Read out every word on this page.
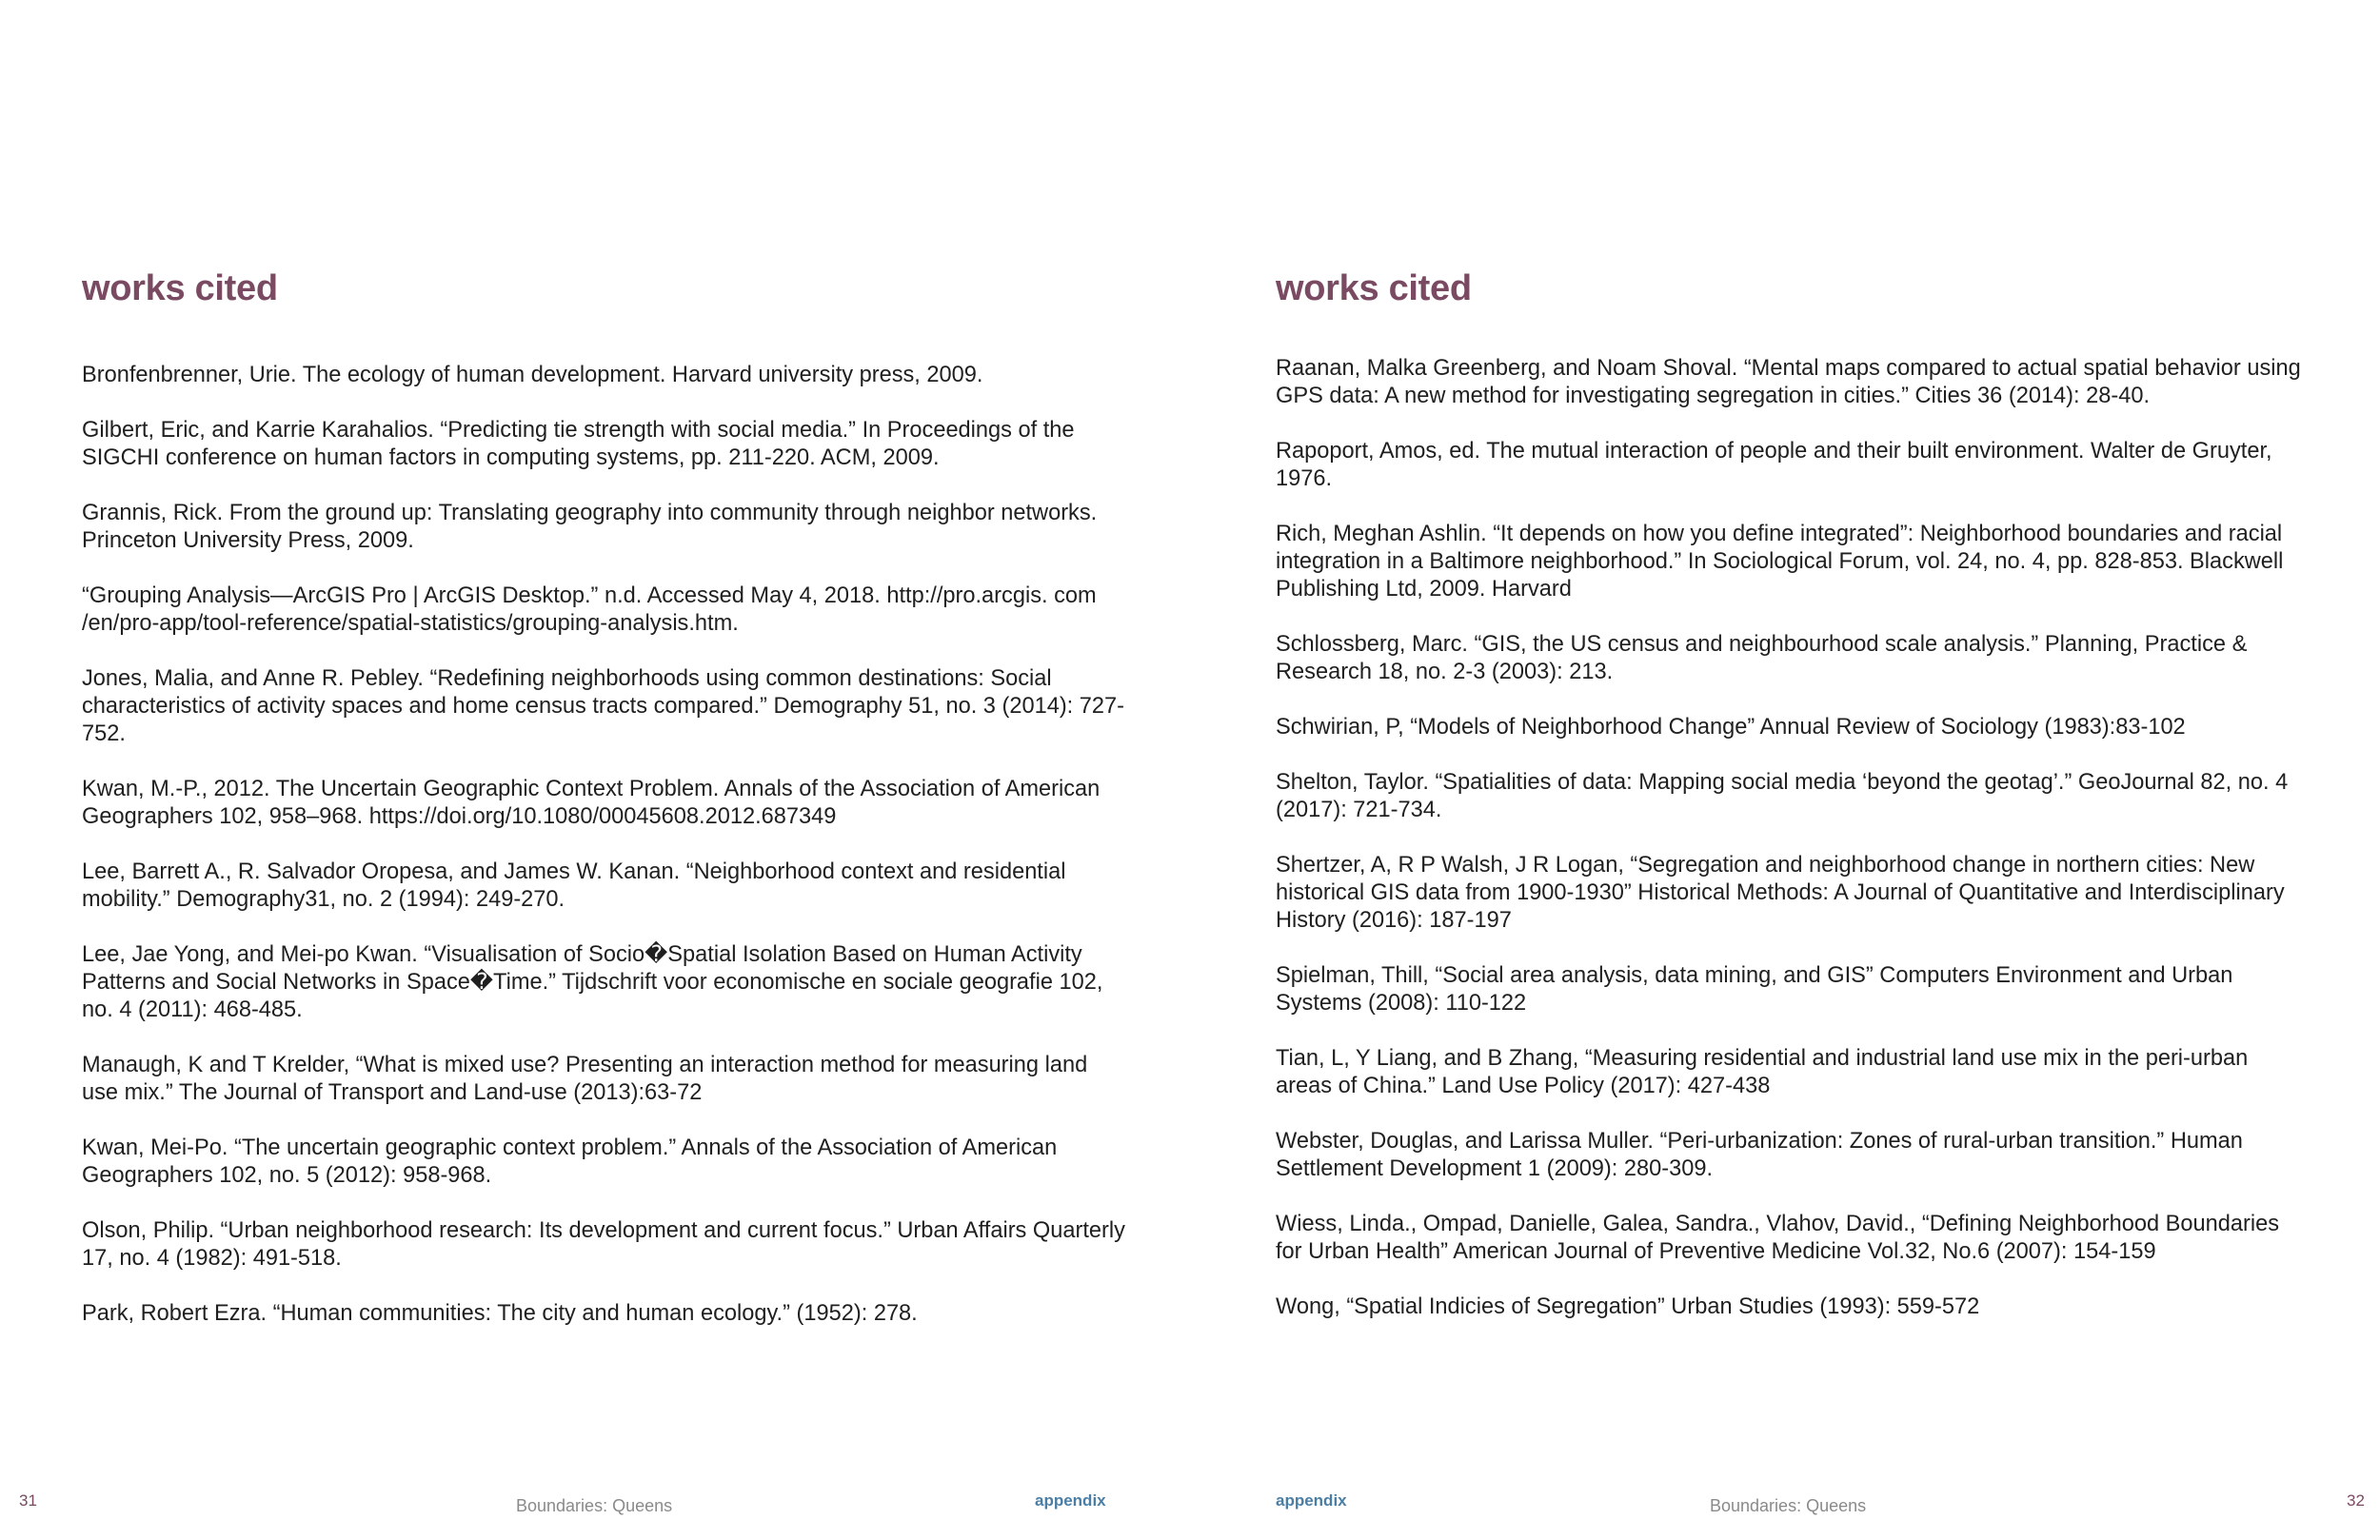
works cited
Bronfenbrenner, Urie. The ecology of human development. Harvard university press, 2009.
Gilbert, Eric, and Karrie Karahalios. “Predicting tie strength with social media.” In Proceedings of the SIGCHI conference on human factors in computing systems, pp. 211-220. ACM, 2009.
Grannis, Rick. From the ground up: Translating geography into community through neighbor networks. Princeton University Press, 2009.
“Grouping Analysis—ArcGIS Pro | ArcGIS Desktop.” n.d. Accessed May 4, 2018. http://pro.arcgis. com /en/pro-app/tool-reference/spatial-statistics/grouping-analysis.htm.
Jones, Malia, and Anne R. Pebley. “Redefining neighborhoods using common destinations: Social characteristics of activity spaces and home census tracts compared.” Demography 51, no. 3 (2014): 727-752.
Kwan, M.-P., 2012. The Uncertain Geographic Context Problem. Annals of the Association of American Geographers 102, 958–968. https://doi.org/10.1080/00045608.2012.687349
Lee, Barrett A., R. Salvador Oropesa, and James W. Kanan. “Neighborhood context and residential mobility.” Demography31, no. 2 (1994): 249-270.
Lee, Jae Yong, and Mei-po Kwan. “Visualisation of Socio�Spatial Isolation Based on Human Activity Patterns and Social Networks in Space�Time.” Tijdschrift voor economische en sociale geografie 102, no. 4 (2011): 468-485.
Manaugh, K and T Krelder, “What is mixed use? Presenting an interaction method for measuring land use mix.” The Journal of Transport and Land-use (2013):63-72
Kwan, Mei-Po. “The uncertain geographic context problem.” Annals of the Association of American Geographers 102, no. 5 (2012): 958-968.
Olson, Philip. “Urban neighborhood research: Its development and current focus.” Urban Affairs Quarterly 17, no. 4 (1982): 491-518.
Park, Robert Ezra. “Human communities: The city and human ecology.” (1952): 278.
31	Boundaries: Queens	appendix
works cited
Raanan, Malka Greenberg, and Noam Shoval. “Mental maps compared to actual spatial behavior using GPS data: A new method for investigating segregation in cities.” Cities 36 (2014): 28-40.
Rapoport, Amos, ed. The mutual interaction of people and their built environment. Walter de Gruyter, 1976.
Rich, Meghan Ashlin. “It depends on how you define integrated”: Neighborhood boundaries and racial integration in a Baltimore neighborhood.” In Sociological Forum, vol. 24, no. 4, pp. 828-853. Blackwell Publishing Ltd, 2009. Harvard
Schlossberg, Marc. “GIS, the US census and neighbourhood scale analysis.” Planning, Practice & Research 18, no. 2-3 (2003): 213.
Schwirian, P, “Models of Neighborhood Change” Annual Review of Sociology (1983):83-102
Shelton, Taylor. “Spatialities of data: Mapping social media ‘beyond the geotag’.” GeoJournal 82, no. 4 (2017): 721-734.
Shertzer, A, R P Walsh, J R Logan, “Segregation and neighborhood change in northern cities: New historical GIS data from 1900-1930” Historical Methods: A Journal of Quantitative and Interdisciplinary History (2016): 187-197
Spielman, Thill, “Social area analysis, data mining, and GIS” Computers Environment and Urban Systems (2008): 110-122
Tian, L, Y Liang, and B Zhang, “Measuring residential and industrial land use mix in the peri-urban areas of China.” Land Use Policy (2017): 427-438
Webster, Douglas, and Larissa Muller. “Peri-urbanization: Zones of rural-urban transition.” Human Settlement Development 1 (2009): 280-309.
Wiess, Linda., Ompad, Danielle, Galea, Sandra., Vlahov, David., “Defining Neighborhood Boundaries for Urban Health” American Journal of Preventive Medicine Vol.32, No.6 (2007): 154-159
Wong, “Spatial Indicies of Segregation” Urban Studies (1993): 559-572
appendix	Boundaries: Queens	32
